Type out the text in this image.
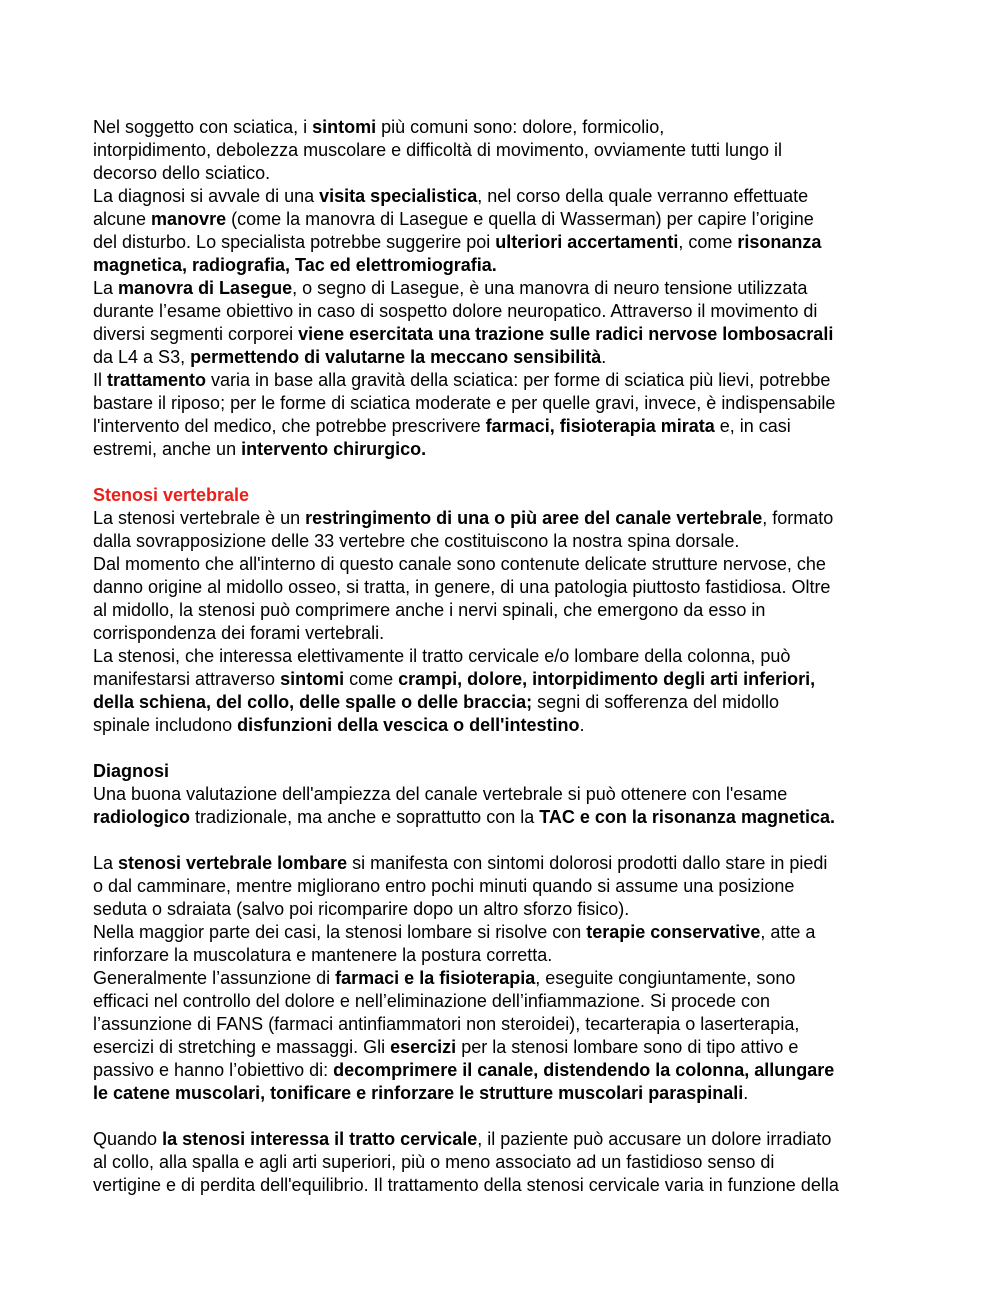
Nel soggetto con sciatica, i sintomi più comuni sono: dolore, formicolio,
intorpidimento, debolezza muscolare e difficoltà di movimento, ovviamente tutti lungo il
decorso dello sciatico.
La diagnosi si avvale di una visita specialistica, nel corso della quale verranno effettuate
alcune manovre (come la manovra di Lasegue e quella di Wasserman) per capire l’origine
del disturbo. Lo specialista potrebbe suggerire poi ulteriori accertamenti, come risonanza
magnetica, radiografia, Tac ed elettromiografia.
La manovra di Lasegue, o segno di Lasegue, è una manovra di neuro tensione utilizzata
durante l’esame obiettivo in caso di sospetto dolore neuropatico. Attraverso il movimento di
diversi segmenti corporei viene esercitata una trazione sulle radici nervose lombosacrali
da L4 a S3, permettendo di valutarne la meccano sensibilità.
Il trattamento varia in base alla gravità della sciatica: per forme di sciatica più lievi, potrebbe
bastare il riposo; per le forme di sciatica moderate e per quelle gravi, invece, è indispensabile
l'intervento del medico, che potrebbe prescrivere farmaci, fisioterapia mirata e, in casi
estremi, anche un intervento chirurgico.
Stenosi vertebrale
La stenosi vertebrale è un restringimento di una o più aree del canale vertebrale, formato
dalla sovrapposizione delle 33 vertebre che costituiscono la nostra spina dorsale.
Dal momento che all'interno di questo canale sono contenute delicate strutture nervose, che
danno origine al midollo osseo, si tratta, in genere, di una patologia piuttosto fastidiosa. Oltre
al midollo, la stenosi può comprimere anche i nervi spinali, che emergono da esso in
corrispondenza dei forami vertebrali.
La stenosi, che interessa elettivamente il tratto cervicale e/o lombare della colonna, può
manifestarsi attraverso sintomi come crampi, dolore, intorpidimento degli arti inferiori,
della schiena, del collo, delle spalle o delle braccia; segni di sofferenza del midollo
spinale includono disfunzioni della vescica o dell'intestino.
Diagnosi
Una buona valutazione dell'ampiezza del canale vertebrale si può ottenere con l'esame
radiologico tradizionale, ma anche e soprattutto con la TAC e con la risonanza magnetica.
La stenosi vertebrale lombare si manifesta con sintomi dolorosi prodotti dallo stare in piedi
o dal camminare, mentre migliorano entro pochi minuti quando si assume una posizione
seduta o sdraiata (salvo poi ricomparire dopo un altro sforzo fisico).
Nella maggior parte dei casi, la stenosi lombare si risolve con terapie conservative, atte a
rinforzare la muscolatura e mantenere la postura corretta.
Generalmente l’assunzione di farmaci e la fisioterapia, eseguite congiuntamente, sono
efficaci nel controllo del dolore e nell’eliminazione dell’infiammazione. Si procede con
l’assunzione di FANS (farmaci antinfiammatori non steroidei), tecarterapia o laserterapia,
esercizi di stretching e massaggi. Gli esercizi per la stenosi lombare sono di tipo attivo e
passivo e hanno l’obiettivo di: decomprimere il canale, distendendo la colonna, allungare
le catene muscolari, tonificare e rinforzare le strutture muscolari paraspinali.
Quando la stenosi interessa il tratto cervicale, il paziente può accusare un dolore irradiato
al collo, alla spalla e agli arti superiori, più o meno associato ad un fastidioso senso di
vertigine e di perdita dell'equilibrio. Il trattamento della stenosi cervicale varia in funzione della
